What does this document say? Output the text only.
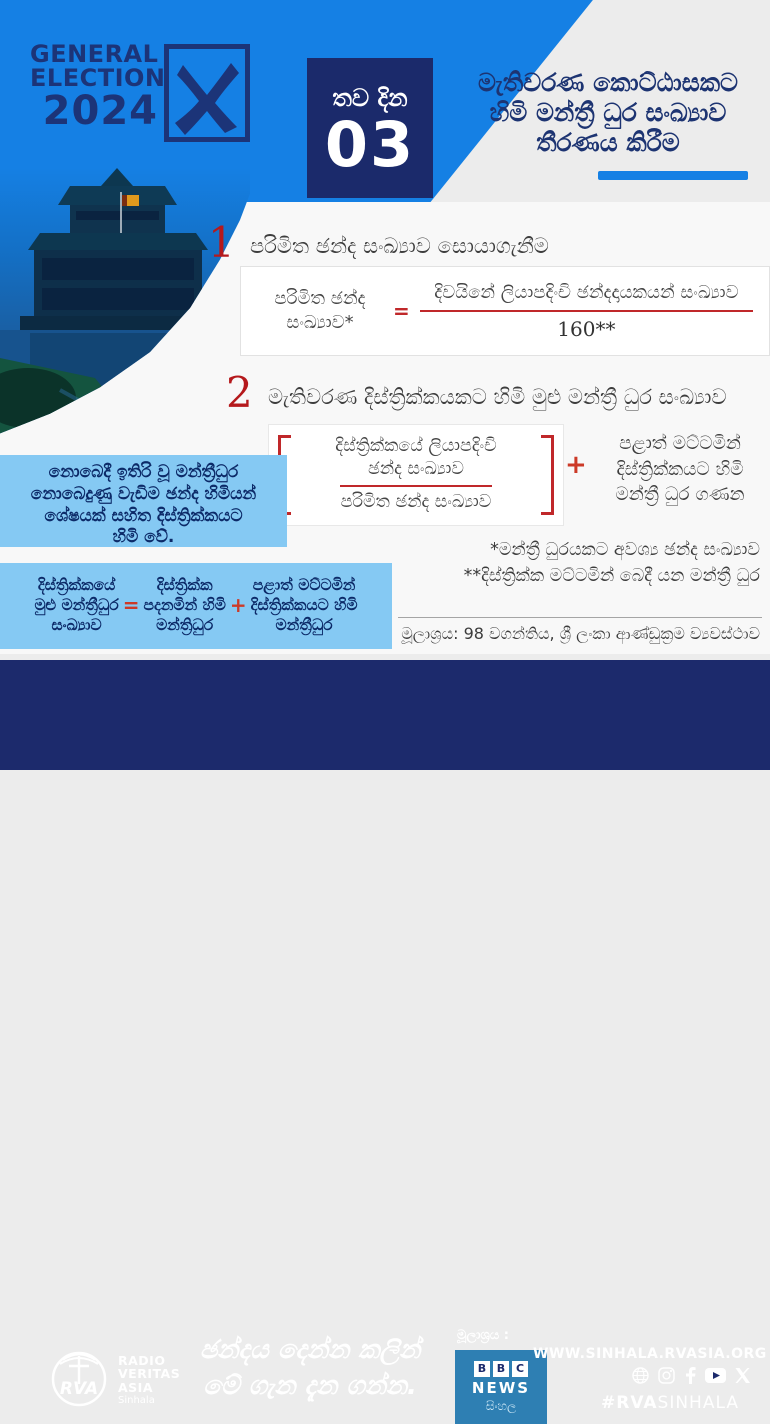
GENERAL
ELECTION
2024	තව දින
03
මැතිවරණ කොට්ඨාසකට
හිමි මන්ත්‍රී ධුර සංඛ්‍යාව
තීරණය කිරීම
1 පරිමිත ඡන්ද සංඛ්‍යාව සොයාගැනීම
පරිමිත ඡන්ද
සංඛ්‍යාව*	= $\frac{\text{දිවයිනේ ලියාපදිංචි ඡන්දදායකයන් සංඛ්‍යාව}}{160**}$
2 මැතිවරණ දිස්ත්‍රික්කයකට හිමි මුළු මන්ත්‍රී ධුර සංඛ්‍යාව
දිස්ත්‍රික්කයේ ලියාපදිංචි
ඡන්ද සංඛ්‍යාව
පරිමිත ඡන්ද සංඛ්‍යාව
+
පළාත් මට්ටමින්
දිස්ත්‍රික්කයට හිමි
මන්ත්‍රී ධුර ගණන
නොබෙදී ඉතිරි වූ මන්ත්‍රීධුර
නොබෙදුණු වැඩිම ඡන්ද හිමියන්
ශේෂයක් සහිත දිස්ත්‍රික්කයට
හිමි වේ.
දිස්ත්‍රික්කයේ
මුළු මන්ත්‍රීධුර
සංඛ්‍යාව
=
දිස්ත්‍රික්ක
පදනමින් හිමි
මන්ත්‍රිධුර
+
පළාත් මට්ටමින්
දිස්ත්‍රික්කයට හිමි
මන්ත්‍රීධුර
*මන්ත්‍රී ධුරයකට අවශ්‍ය ඡන්ද සංඛ්‍යාව
**දිස්ත්‍රික්ක මට්ටමින් බෙදී යන මන්ත්‍රී ධුර
මූලාශ්‍රය: 98 වගන්තිය, ශ්‍රී ලංකා ආණ්ඩුක්‍රම ව්‍යවස්ථාව
RVA
RADIO
VERITAS
ASIA
Sinhala
ඡන්දය දෙන්න කලින්
මේ ගැන දැන ගන්න.
මූලාශ්‍රය :
B B C
NEWS
සිංහල
WWW.SINHALA.RVASIA.ORG
#RVASINHALA
